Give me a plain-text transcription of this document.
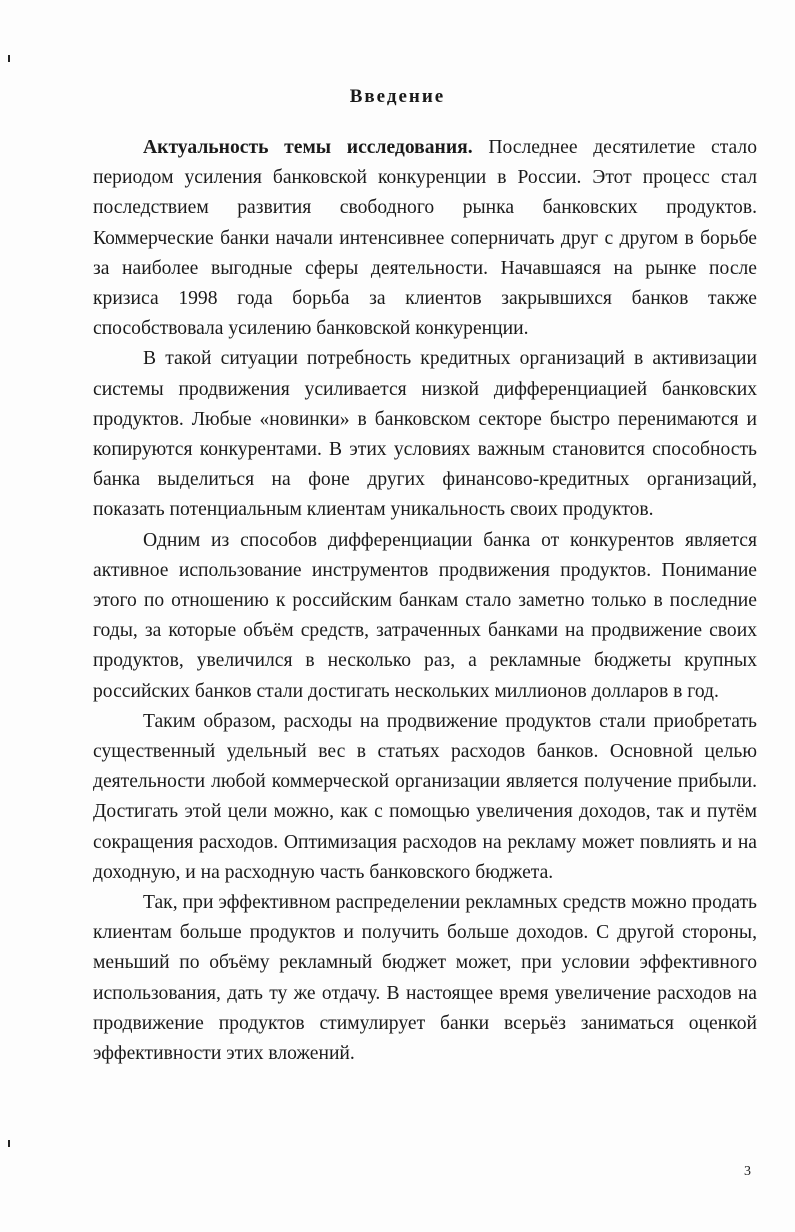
Введение

Актуальность темы исследования. Последнее десятилетие стало периодом усиления банковской конкуренции в России. Этот процесс стал последствием развития свободного рынка банковских продуктов. Коммерческие банки начали интенсивнее соперничать друг с другом в борьбе за наиболее выгодные сферы деятельности. Начавшаяся на рынке после кризиса 1998 года борьба за клиентов закрывшихся банков также способствовала усилению банковской конкуренции.

В такой ситуации потребность кредитных организаций в активизации системы продвижения усиливается низкой дифференциацией банковских продуктов. Любые «новинки» в банковском секторе быстро перенимаются и копируются конкурентами. В этих условиях важным становится способность банка выделиться на фоне других финансово-кредитных организаций, показать потенциальным клиентам уникальность своих продуктов.

Одним из способов дифференциации банка от конкурентов является активное использование инструментов продвижения продуктов. Понимание этого по отношению к российским банкам стало заметно только в последние годы, за которые объём средств, затраченных банками на продвижение своих продуктов, увеличился в несколько раз, а рекламные бюджеты крупных российских банков стали достигать нескольких миллионов долларов в год.

Таким образом, расходы на продвижение продуктов стали приобретать существенный удельный вес в статьях расходов банков. Основной целью деятельности любой коммерческой организации является получение прибыли. Достигать этой цели можно, как с помощью увеличения доходов, так и путём сокращения расходов. Оптимизация расходов на рекламу может повлиять и на доходную, и на расходную часть банковского бюджета.

Так, при эффективном распределении рекламных средств можно продать клиентам больше продуктов и получить больше доходов. С другой стороны, меньший по объёму рекламный бюджет может, при условии эффективного использования, дать ту же отдачу. В настоящее время увеличение расходов на продвижение продуктов стимулирует банки всерьёз заниматься оценкой эффективности этих вложений.

3
